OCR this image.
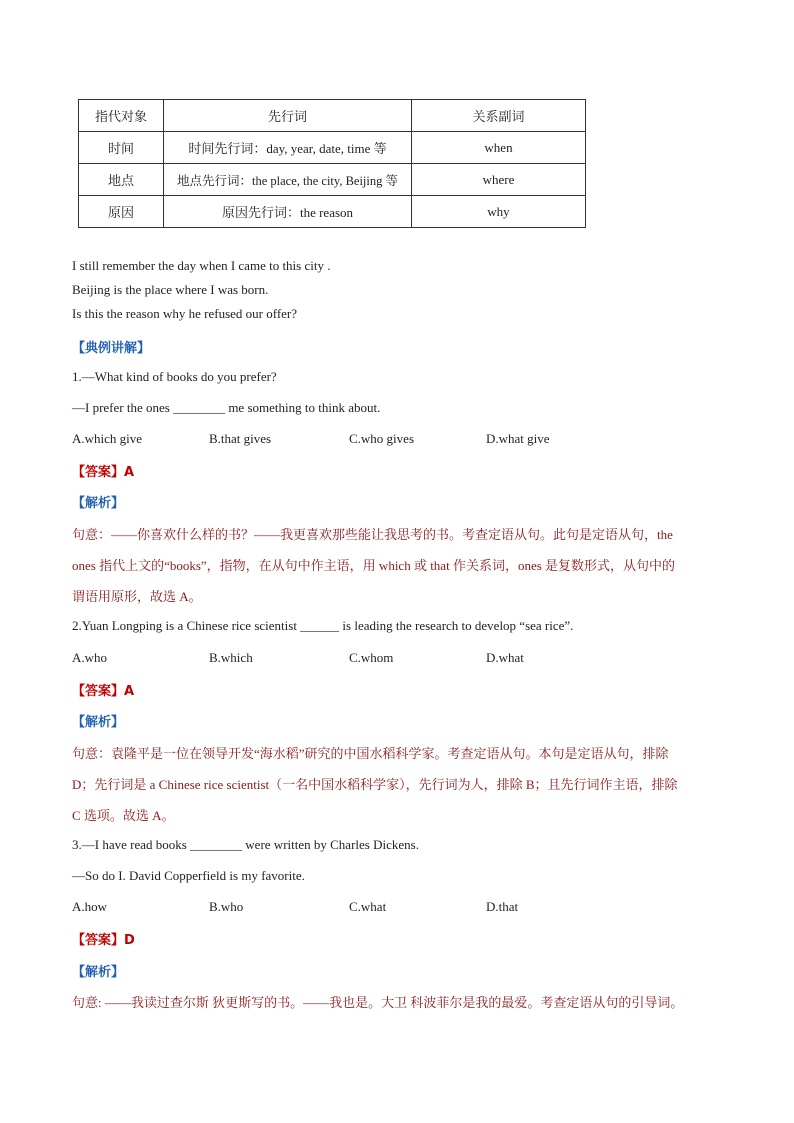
指代对象	先行词	关系副词
时间	时间先行词：day, year, date, time 等	when
地点	地点先行词：the place, the city, Beijing 等	where
原因	原因先行词：the reason	why
I still remember the day when I came to this city .
Beijing is the place where I was born.
Is this the reason why he refused our offer?
【典例讲解】
1.—What kind of books do you prefer?
—I prefer the ones ________ me something to think about.
A.which give	B.that gives	C.who gives	D.what give
【答案】A
【解析】
句意：——你喜欢什么样的书？——我更喜欢那些能让我思考的书。考查定语从句。此句是定语从句，the
ones 指代上文的“books”，指物，在从句中作主语，用 which 或 that 作关系词，ones 是复数形式，从句中的
谓语用原形，故选 A。
2.Yuan Longping is a Chinese rice scientist ______ is leading the research to develop “sea rice”.
A.who	B.which	C.whom	D.what
【答案】A
【解析】
句意：袁隆平是一位在领导开发“海水稻”研究的中国水稻科学家。考查定语从句。本句是定语从句，排除
D；先行词是 a Chinese rice scientist（一名中国水稻科学家），先行词为人，排除 B；且先行词作主语，排除
C 选项。故选 A。
3.—I have read books ________ were written by Charles Dickens.
—So do I. David Copperfield is my favorite.
A.how	B.who	C.what	D.that
【答案】D
【解析】
句意: ——我读过查尔斯 狄更斯写的书。——我也是。大卫 科波菲尔是我的最爱。考查定语从句的引导词。
